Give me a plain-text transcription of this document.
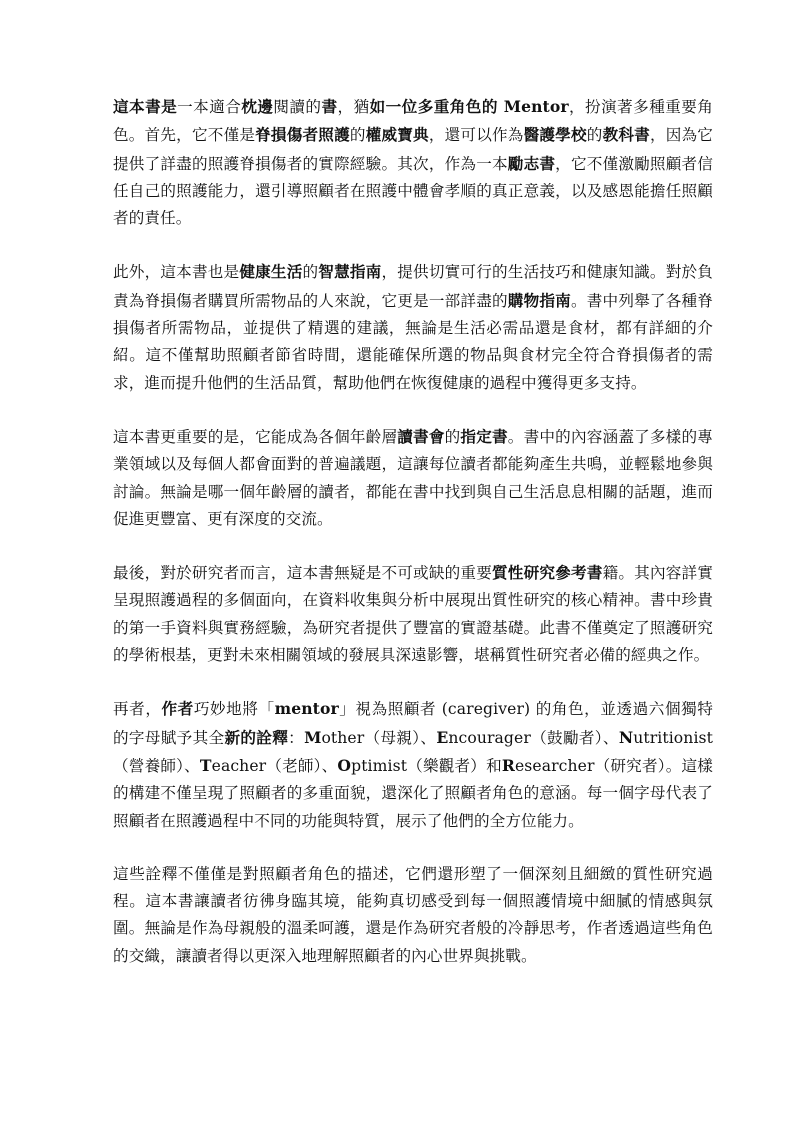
這本書是一本適合枕邊閱讀的書，猶如一位多重角色的 Mentor，扮演著多種重要角色。首先，它不僅是脊損傷者照護的權威寶典，還可以作為醫護學校的教科書，因為它提供了詳盡的照護脊損傷者的實際經驗。其次，作為一本勵志書，它不僅激勵照顧者信任自己的照護能力，還引導照顧者在照護中體會孝順的真正意義，以及感恩能擔任照顧者的責任。

此外，這本書也是健康生活的智慧指南，提供切實可行的生活技巧和健康知識。對於負責為脊損傷者購買所需物品的人來說，它更是一部詳盡的購物指南。書中列舉了各種脊損傷者所需物品，並提供了精選的建議，無論是生活必需品還是食材，都有詳細的介紹。這不僅幫助照顧者節省時間，還能確保所選的物品與食材完全符合脊損傷者的需求，進而提升他們的生活品質，幫助他們在恢復健康的過程中獲得更多支持。

這本書更重要的是，它能成為各個年齡層讀書會的指定書。書中的內容涵蓋了多樣的專業領域以及每個人都會面對的普遍議題，這讓每位讀者都能夠產生共鳴，並輕鬆地參與討論。無論是哪一個年齡層的讀者，都能在書中找到與自己生活息息相關的話題，進而促進更豐富、更有深度的交流。

最後，對於研究者而言，這本書無疑是不可或缺的重要質性研究參考書籍。其內容詳實呈現照護過程的多個面向，在資料收集與分析中展現出質性研究的核心精神。書中珍貴的第一手資料與實務經驗，為研究者提供了豐富的實證基礎。此書不僅奠定了照護研究的學術根基，更對未來相關領域的發展具深遠影響，堪稱質性研究者必備的經典之作。

再者，作者巧妙地將「mentor」視為照顧者 (caregiver) 的角色，並透過六個獨特的字母賦予其全新的詮釋：Mother（母親）、Encourager（鼓勵者）、Nutritionist（營養師）、Teacher（老師）、Optimist（樂觀者）和Researcher（研究者）。這樣的構建不僅呈現了照顧者的多重面貌，還深化了照顧者角色的意涵。每一個字母代表了照顧者在照護過程中不同的功能與特質，展示了他們的全方位能力。

這些詮釋不僅僅是對照顧者角色的描述，它們還形塑了一個深刻且細緻的質性研究過程。這本書讓讀者彷彿身臨其境，能夠真切感受到每一個照護情境中細膩的情感與氛圍。無論是作為母親般的溫柔呵護，還是作為研究者般的冷靜思考，作者透過這些角色的交織，讓讀者得以更深入地理解照顧者的內心世界與挑戰。
